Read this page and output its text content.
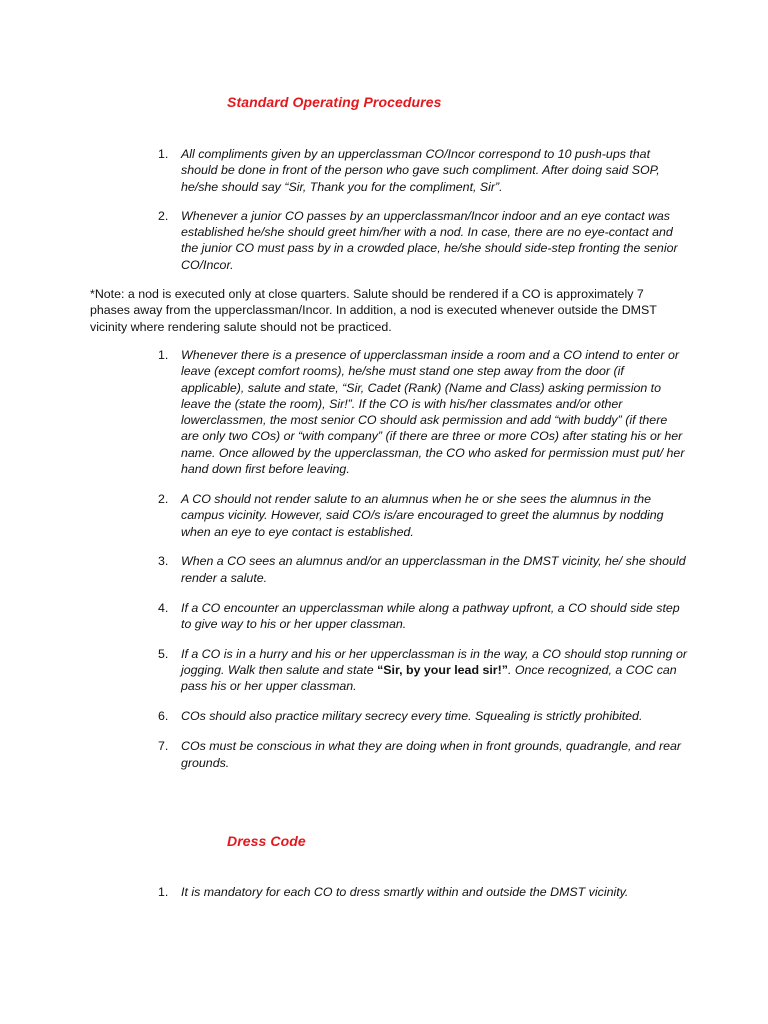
Standard Operating Procedures
1. All compliments given by an upperclassman CO/Incor correspond to 10 push-ups that should be done in front of the person who gave such compliment. After doing said SOP, he/she should say “Sir, Thank you for the compliment, Sir”.
2. Whenever a junior CO passes by an upperclassman/Incor indoor and an eye contact was established he/she should greet him/her with a nod. In case, there are no eye-contact and the junior CO must pass by in a crowded place, he/she should side-step fronting the senior CO/Incor.
*Note: a nod is executed only at close quarters. Salute should be rendered if a CO is approximately 7 phases away from the upperclassman/Incor. In addition, a nod is executed whenever outside the DMST vicinity where rendering salute should not be practiced.
1. Whenever there is a presence of upperclassman inside a room and a CO intend to enter or leave (except comfort rooms), he/she must stand one step away from the door (if applicable), salute and state, “Sir, Cadet (Rank) (Name and Class) asking permission to leave the (state the room), Sir!”. If the CO is with his/her classmates and/or other lowerclassmen, the most senior CO should ask permission and add “with buddy” (if there are only two COs) or “with company” (if there are three or more COs) after stating his or her name. Once allowed by the upperclassman, the CO who asked for permission must put/ her hand down first before leaving.
2. A CO should not render salute to an alumnus when he or she sees the alumnus in the campus vicinity. However, said CO/s is/are encouraged to greet the alumnus by nodding when an eye to eye contact is established.
3. When a CO sees an alumnus and/or an upperclassman in the DMST vicinity, he/ she should render a salute.
4. If a CO encounter an upperclassman while along a pathway upfront, a CO should side step to give way to his or her upper classman.
5. If a CO is in a hurry and his or her upperclassman is in the way, a CO should stop running or jogging. Walk then salute and state “Sir, by your lead sir!”. Once recognized, a COC can pass his or her upper classman.
6. COs should also practice military secrecy every time. Squealing is strictly prohibited.
7. COs must be conscious in what they are doing when in front grounds, quadrangle, and rear grounds.
Dress Code
1. It is mandatory for each CO to dress smartly within and outside the DMST vicinity.
